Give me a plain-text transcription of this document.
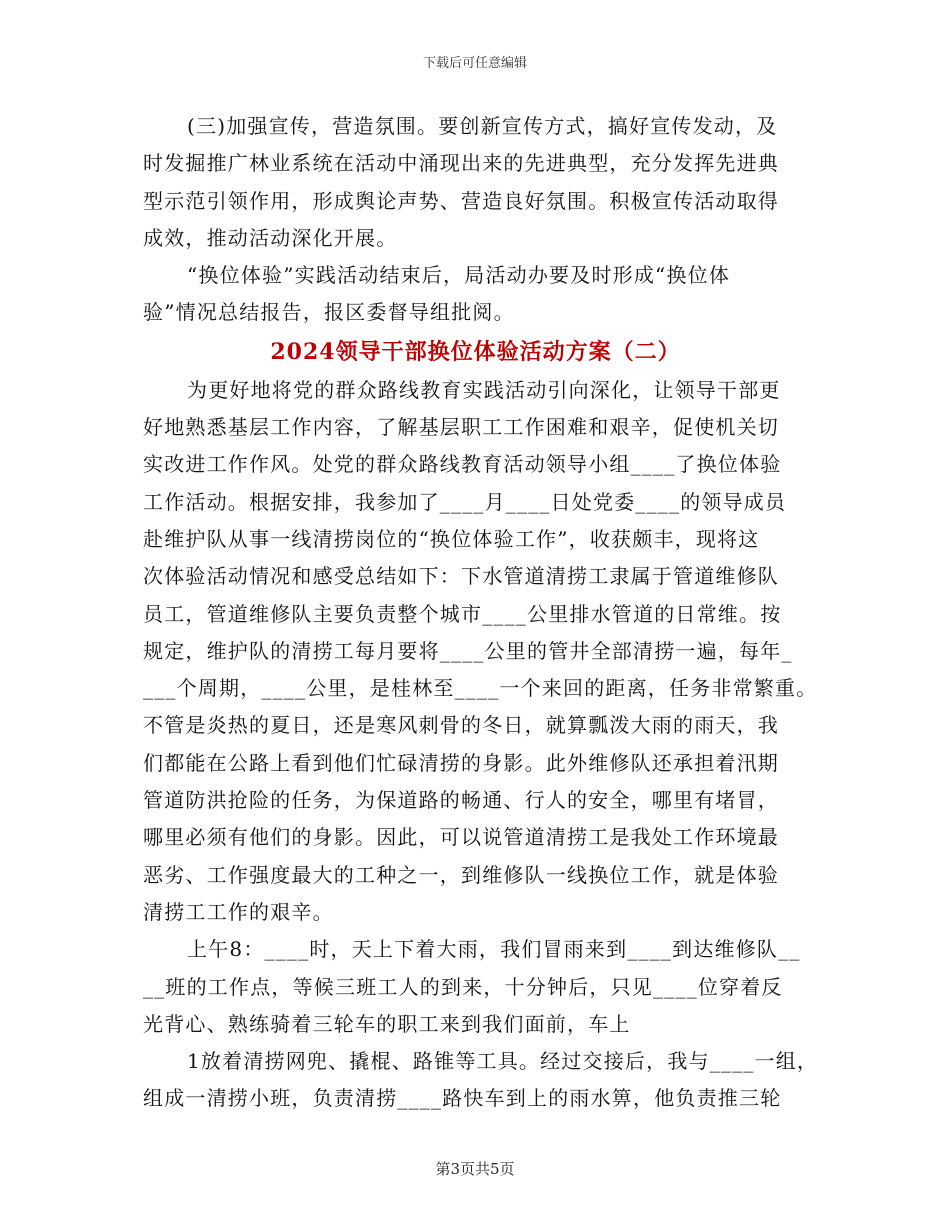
下载后可任意编辑
(三)加强宣传，营造氛围。要创新宣传方式，搞好宣传发动，及
时发掘推广林业系统在活动中涌现出来的先进典型，充分发挥先进典
型示范引领作用，形成舆论声势、营造良好氛围。积极宣传活动取得
成效，推动活动深化开展。
“换位体验”实践活动结束后，局活动办要及时形成“换位体
验”情况总结报告，报区委督导组批阅。
2024领导干部换位体验活动方案（二）
为更好地将党的群众路线教育实践活动引向深化，让领导干部更
好地熟悉基层工作内容，了解基层职工工作困难和艰辛，促使机关切
实改进工作作风。处党的群众路线教育活动领导小组____了换位体验
工作活动。根据安排，我参加了____月____日处党委____的领导成员
赴维护队从事一线清捞岗位的“换位体验工作”，收获颇丰，现将这
次体验活动情况和感受总结如下：下水管道清捞工隶属于管道维修队
员工，管道维修队主要负责整个城市____公里排水管道的日常维。按
规定，维护队的清捞工每月要将____公里的管井全部清捞一遍，每年_
___个周期，____公里，是桂林至____一个来回的距离，任务非常繁重。
不管是炎热的夏日，还是寒风刺骨的冬日，就算瓢泼大雨的雨天，我
们都能在公路上看到他们忙碌清捞的身影。此外维修队还承担着汛期
管道防洪抢险的任务，为保道路的畅通、行人的安全，哪里有堵冒，
哪里必须有他们的身影。因此，可以说管道清捞工是我处工作环境最
恶劣、工作强度最大的工种之一，到维修队一线换位工作，就是体验
清捞工工作的艰辛。
上午8：____时，天上下着大雨，我们冒雨来到____到达维修队__
__班的工作点，等候三班工人的到来，十分钟后，只见____位穿着反
光背心、熟练骑着三轮车的职工来到我们面前，车上
1放着清捞网兜、撬棍、路锥等工具。经过交接后，我与____一组，
组成一清捞小班，负责清捞____路快车到上的雨水箅，他负责推三轮
第3页共5页
